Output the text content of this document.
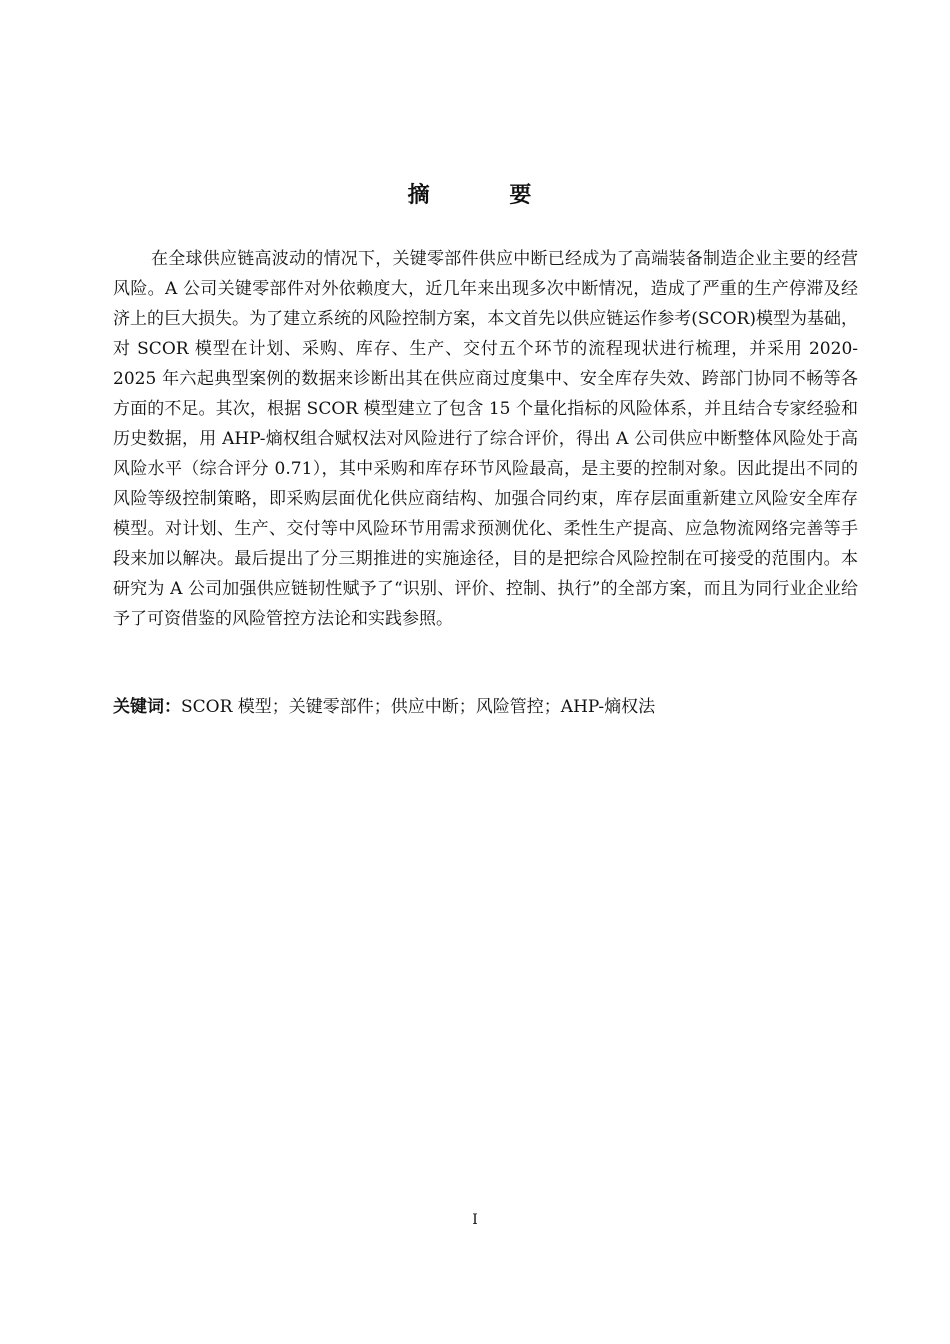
摘 要

在全球供应链高波动的情况下，关键零部件供应中断已经成为了高端装备制造企业主要的经营风险。A 公司关键零部件对外依赖度大，近几年来出现多次中断情况，造成了严重的生产停滞及经济上的巨大损失。为了建立系统的风险控制方案，本文首先以供应链运作参考(SCOR)模型为基础，对 SCOR 模型在计划、采购、库存、生产、交付五个环节的流程现状进行梳理，并采用 2020-2025 年六起典型案例的数据来诊断出其在供应商过度集中、安全库存失效、跨部门协同不畅等各方面的不足。其次，根据 SCOR 模型建立了包含 15 个量化指标的风险体系，并且结合专家经验和历史数据，用 AHP-熵权组合赋权法对风险进行了综合评价，得出 A 公司供应中断整体风险处于高风险水平（综合评分 0.71），其中采购和库存环节风险最高，是主要的控制对象。因此提出不同的风险等级控制策略，即采购层面优化供应商结构、加强合同约束，库存层面重新建立风险安全库存模型。对计划、生产、交付等中风险环节用需求预测优化、柔性生产提高、应急物流网络完善等手段来加以解决。最后提出了分三期推进的实施途径，目的是把综合风险控制在可接受的范围内。本研究为 A 公司加强供应链韧性赋予了“识别、评价、控制、执行”的全部方案，而且为同行业企业给予了可资借鉴的风险管控方法论和实践参照。

关键词：SCOR 模型；关键零部件；供应中断；风险管控；AHP-熵权法

I
